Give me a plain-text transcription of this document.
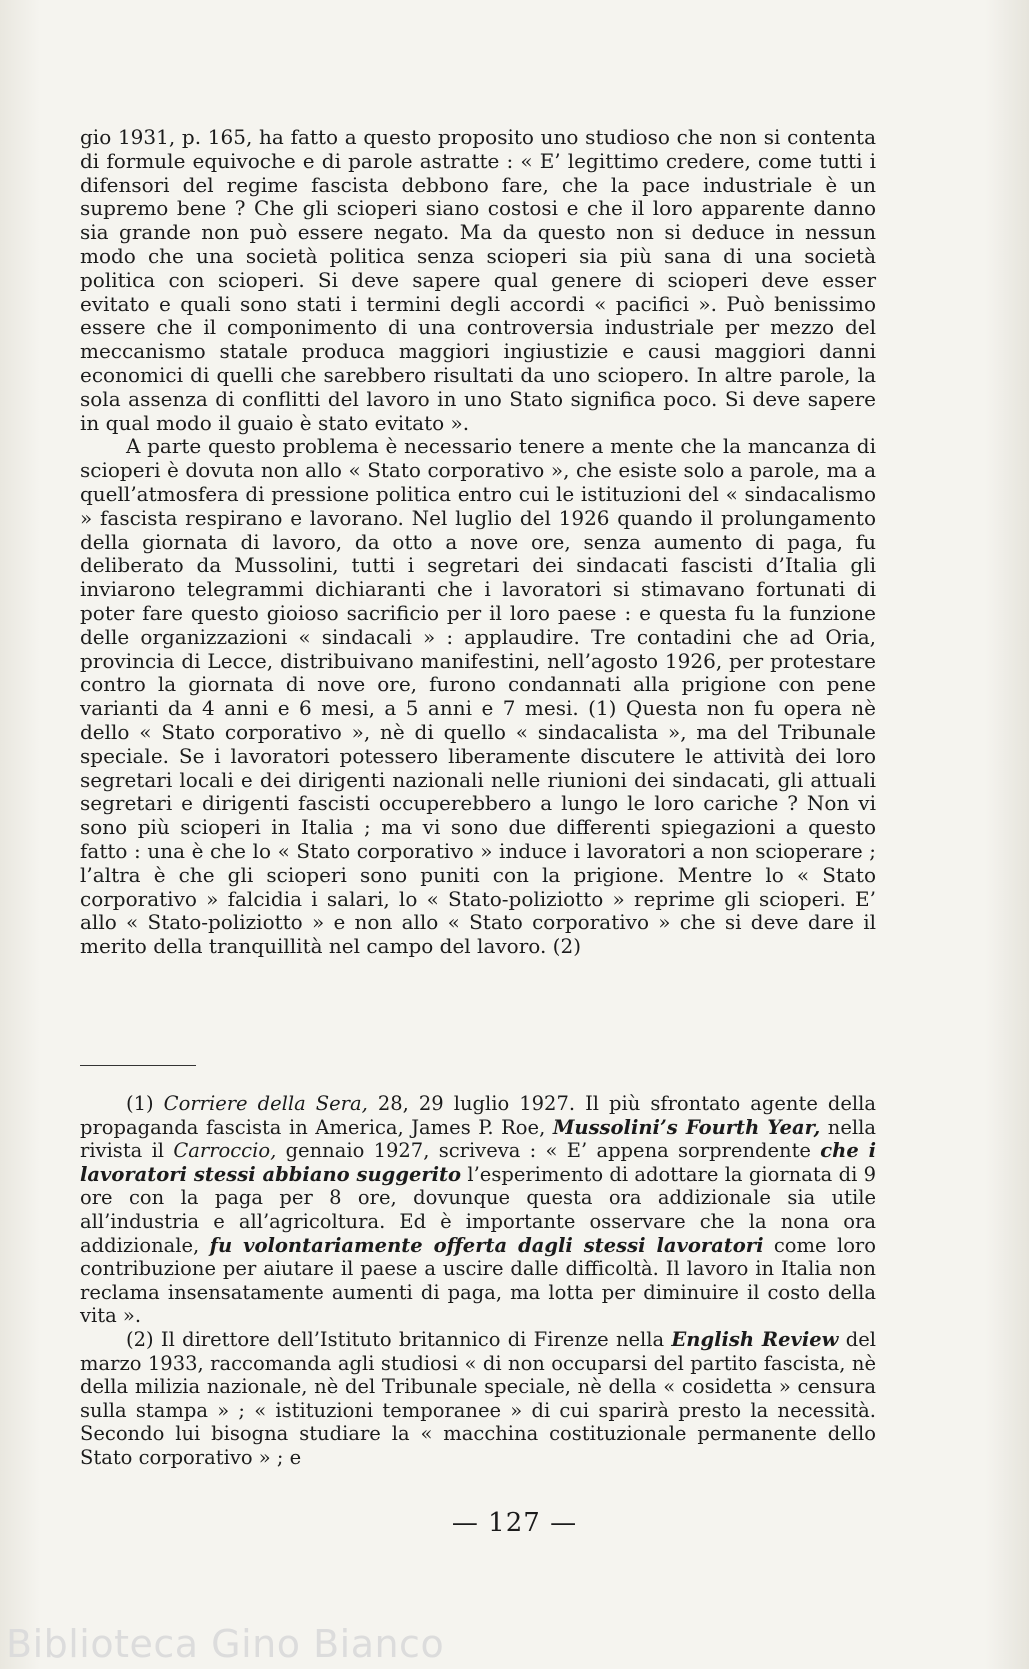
gio 1931, p. 165, ha fatto a questo proposito uno studioso che non si contenta di formule equivoche e di parole astratte : « E’ legittimo credere, come tutti i difensori del regime fascista debbono fare, che la pace industriale è un supremo bene ? Che gli scioperi siano costosi e che il loro apparente danno sia grande non può essere negato. Ma da questo non si deduce in nessun modo che una società politica senza scioperi sia più sana di una società politica con scioperi. Si deve sapere qual genere di scioperi deve esser evitato e quali sono stati i termini degli accordi « pacifici ». Può benissimo essere che il componimento di una controversia industriale per mezzo del meccanismo statale produca maggiori ingiustizie e causi maggiori danni economici di quelli che sarebbero risultati da uno sciopero. In altre parole, la sola assenza di conflitti del lavoro in uno Stato significa poco. Si deve sapere in qual modo il guaio è stato evitato ».

A parte questo problema è necessario tenere a mente che la mancanza di scioperi è dovuta non allo « Stato corporativo », che esiste solo a parole, ma a quell’atmosfera di pressione politica entro cui le istituzioni del « sindacalismo » fascista respirano e lavorano. Nel luglio del 1926 quando il prolungamento della giornata di lavoro, da otto a nove ore, senza aumento di paga, fu deliberato da Mussolini, tutti i segretari dei sindacati fascisti d’Italia gli inviarono telegrammi dichiaranti che i lavoratori si stimavano fortunati di poter fare questo gioioso sacrificio per il loro paese : e questa fu la funzione delle organizzazioni « sindacali » : applaudire. Tre contadini che ad Oria, provincia di Lecce, distribuivano manifestini, nell’agosto 1926, per protestare contro la giornata di nove ore, furono condannati alla prigione con pene varianti da 4 anni e 6 mesi, a 5 anni e 7 mesi. (1) Questa non fu opera nè dello « Stato corporativo », nè di quello « sindacalista », ma del Tribunale speciale. Se i lavoratori potessero liberamente discutere le attività dei loro segretari locali e dei dirigenti nazionali nelle riunioni dei sindacati, gli attuali segretari e dirigenti fascisti occuperebbero a lungo le loro cariche ? Non vi sono più scioperi in Italia ; ma vi sono due differenti spiegazioni a questo fatto : una è che lo « Stato corporativo » induce i lavoratori a non scioperare ; l’altra è che gli scioperi sono puniti con la prigione. Mentre lo « Stato corporativo » falcidia i salari, lo « Stato-poliziotto » reprime gli scioperi. E’ allo « Stato-poliziotto » e non allo « Stato corporativo » che si deve dare il merito della tranquillità nel campo del lavoro. (2)

(1) Corriere della Sera, 28, 29 luglio 1927. Il più sfrontato agente della propaganda fascista in America, James P. Roe, Mussolini’s Fourth Year, nella rivista il Carroccio, gennaio 1927, scriveva : « E’ appena sorprendente che i lavoratori stessi abbiano suggerito l’esperimento di adottare la giornata di 9 ore con la paga per 8 ore, dovunque questa ora addizionale sia utile all’industria e all’agricoltura. Ed è importante osservare che la nona ora addizionale, fu volontariamente offerta dagli stessi lavoratori come loro contribuzione per aiutare il paese a uscire dalle difficoltà. Il lavoro in Italia non reclama insensatamente aumenti di paga, ma lotta per diminuire il costo della vita ».

(2) Il direttore dell’Istituto britannico di Firenze nella English Review del marzo 1933, raccomanda agli studiosi « di non occuparsi del partito fascista, nè della milizia nazionale, nè del Tribunale speciale, nè della « cosidetta » censura sulla stampa » ; « istituzioni temporanee » di cui sparirà presto la necessità. Secondo lui bisogna studiare la « macchina costituzionale permanente dello Stato corporativo » ; e

— 127 —
Biblioteca Gino Bianco
